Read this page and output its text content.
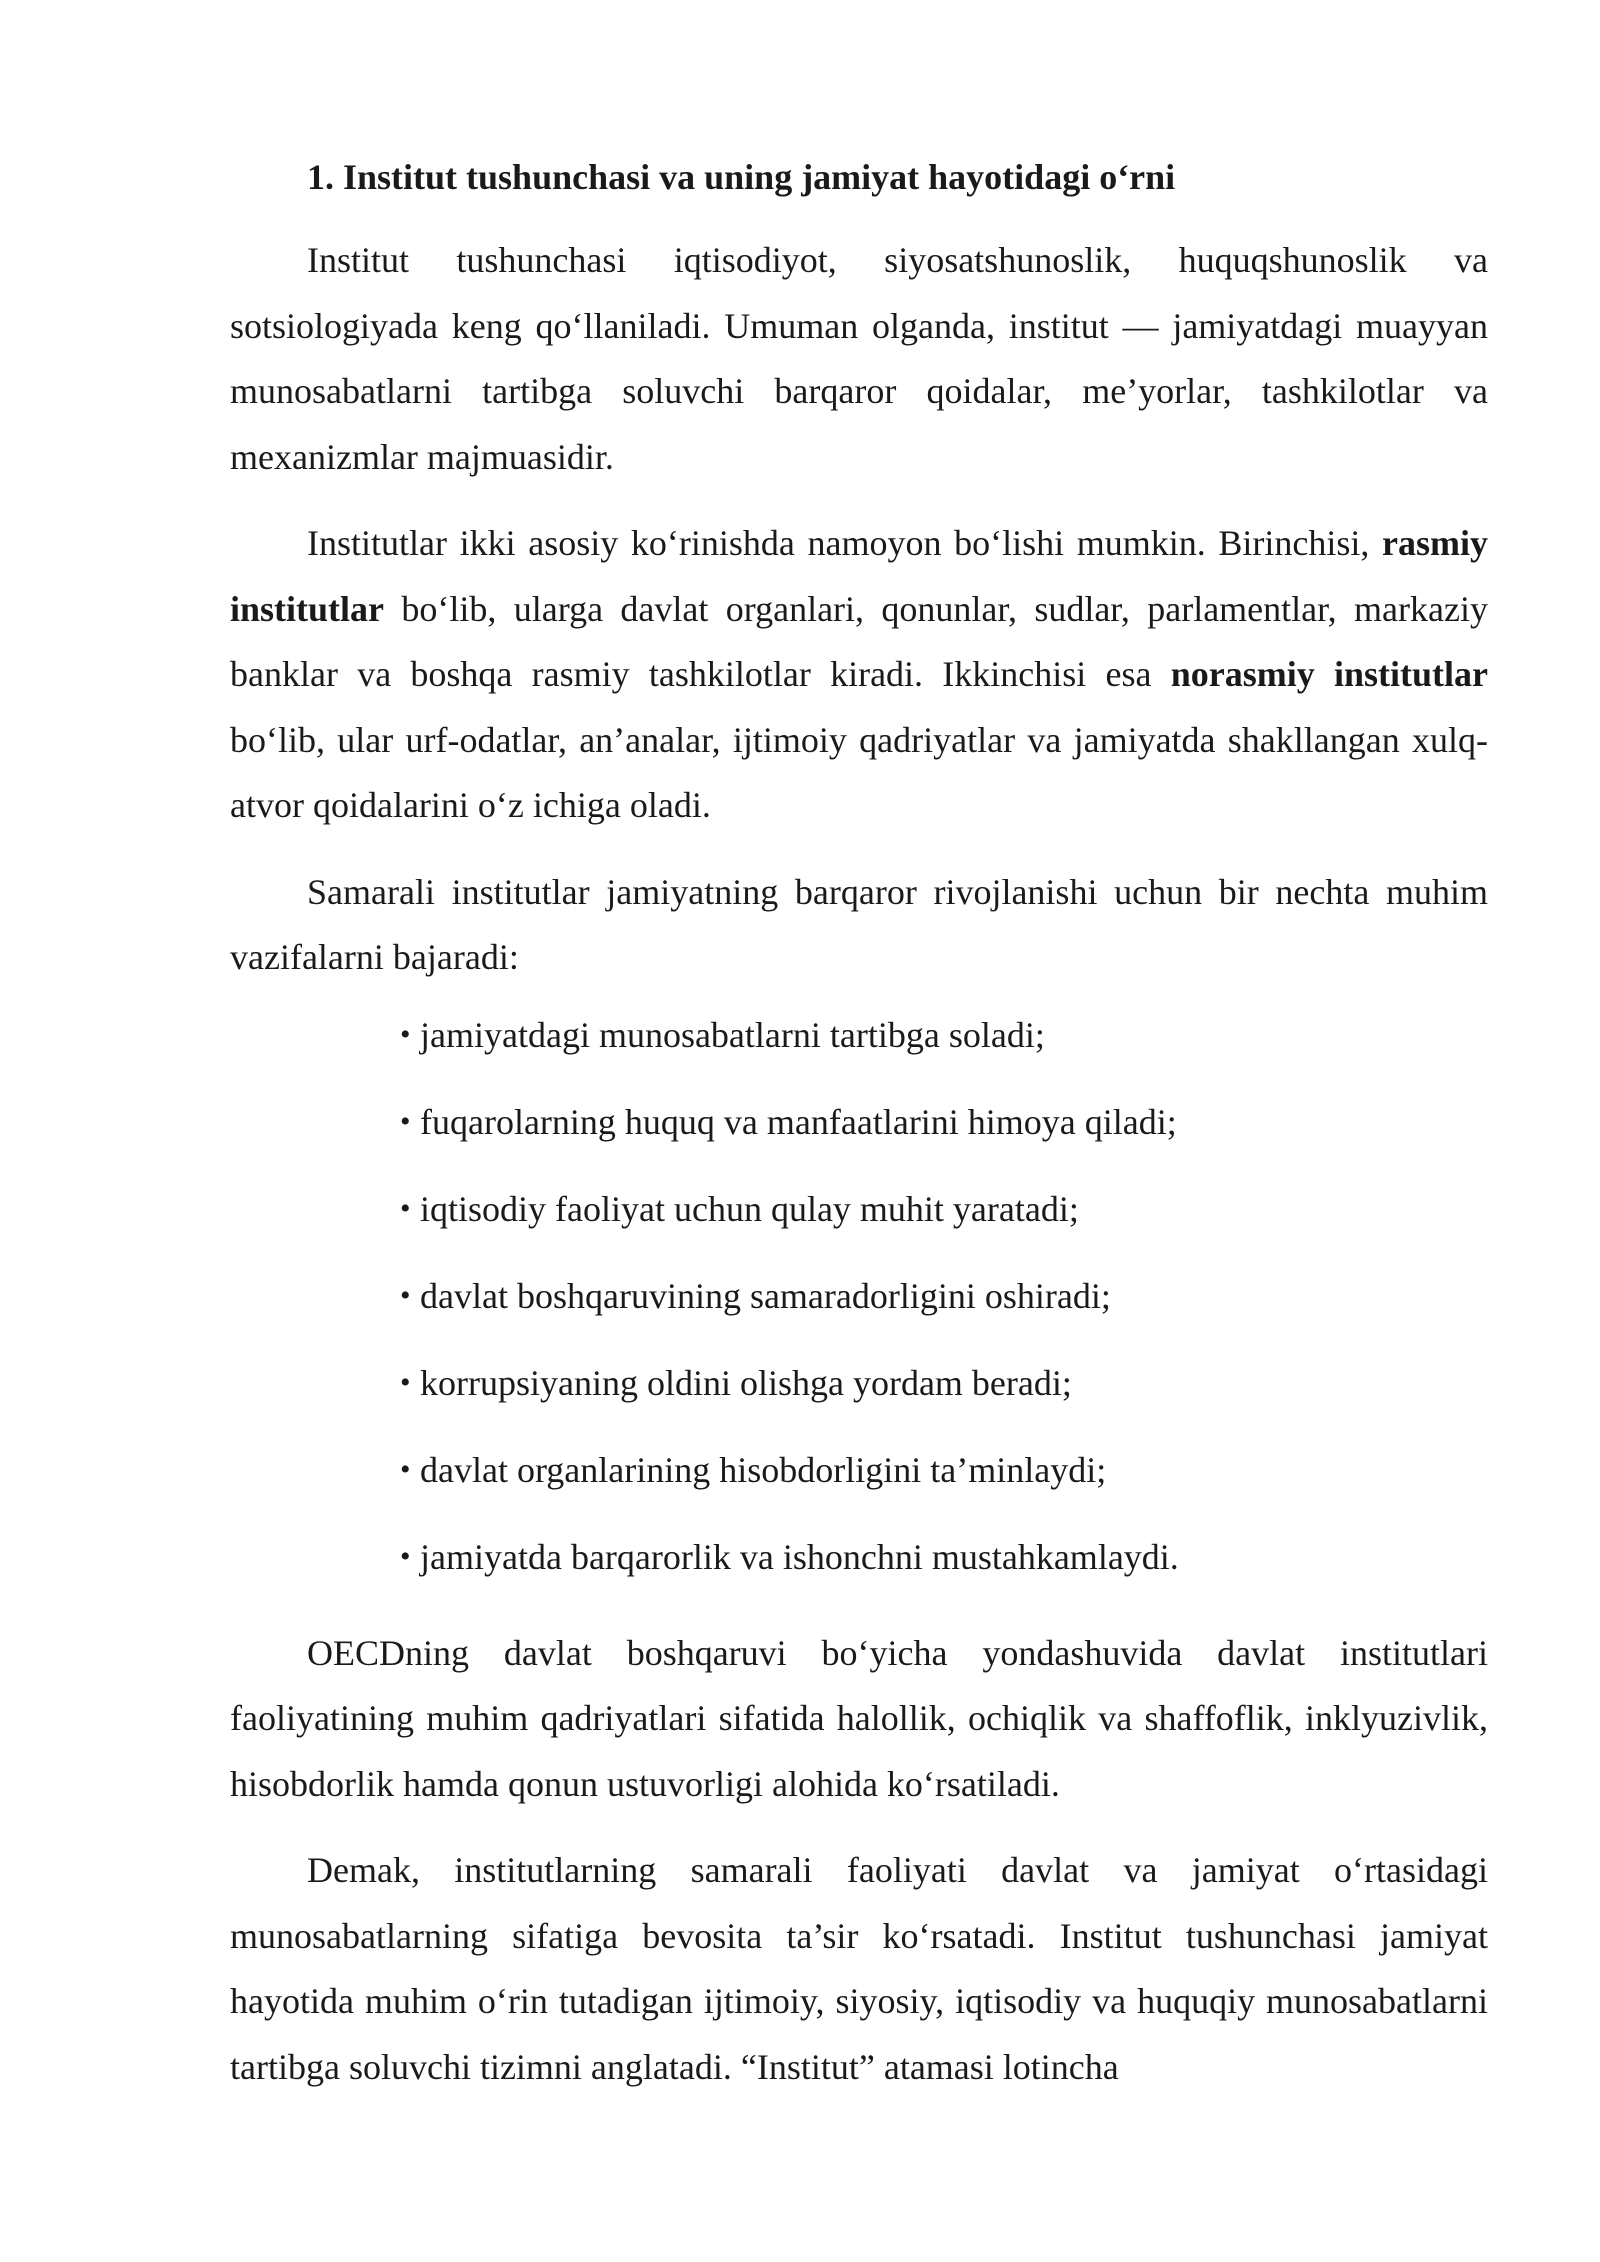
1. Institut tushunchasi va uning jamiyat hayotidagi o‘rni

Institut tushunchasi iqtisodiyot, siyosatshunoslik, huquqshunoslik va sotsiologiyada keng qo‘llaniladi. Umuman olganda, institut — jamiyatdagi muayyan munosabatlarni tartibga soluvchi barqaror qoidalar, me’yorlar, tashkilotlar va mexanizmlar majmuasidir.

Institutlar ikki asosiy ko‘rinishda namoyon bo‘lishi mumkin. Birinchisi, rasmiy institutlar bo‘lib, ularga davlat organlari, qonunlar, sudlar, parlamentlar, markaziy banklar va boshqa rasmiy tashkilotlar kiradi. Ikkinchisi esa norasmiy institutlar bo‘lib, ular urf-odatlar, an’analar, ijtimoiy qadriyatlar va jamiyatda shakllangan xulq-atvor qoidalarini o‘z ichiga oladi.

Samarali institutlar jamiyatning barqaror rivojlanishi uchun bir nechta muhim vazifalarni bajaradi:

• jamiyatdagi munosabatlarni tartibga soladi;
• fuqarolarning huquq va manfaatlarini himoya qiladi;
• iqtisodiy faoliyat uchun qulay muhit yaratadi;
• davlat boshqaruvining samaradorligini oshiradi;
• korrupsiyaning oldini olishga yordam beradi;
• davlat organlarining hisobdorligini ta’minlaydi;
• jamiyatda barqarorlik va ishonchni mustahkamlaydi.

OECDning davlat boshqaruvi bo‘yicha yondashuvida davlat institutlari faoliyatining muhim qadriyatlari sifatida halollik, ochiqlik va shaffoflik, inklyuzivlik, hisobdorlik hamda qonun ustuvorligi alohida ko‘rsatiladi.

Demak, institutlarning samarali faoliyati davlat va jamiyat o‘rtasidagi munosabatlarning sifatiga bevosita ta’sir ko‘rsatadi. Institut tushunchasi jamiyat hayotida muhim o‘rin tutadigan ijtimoiy, siyosiy, iqtisodiy va huquqiy munosabatlarni tartibga soluvchi tizimni anglatadi. “Institut” atamasi lotincha
